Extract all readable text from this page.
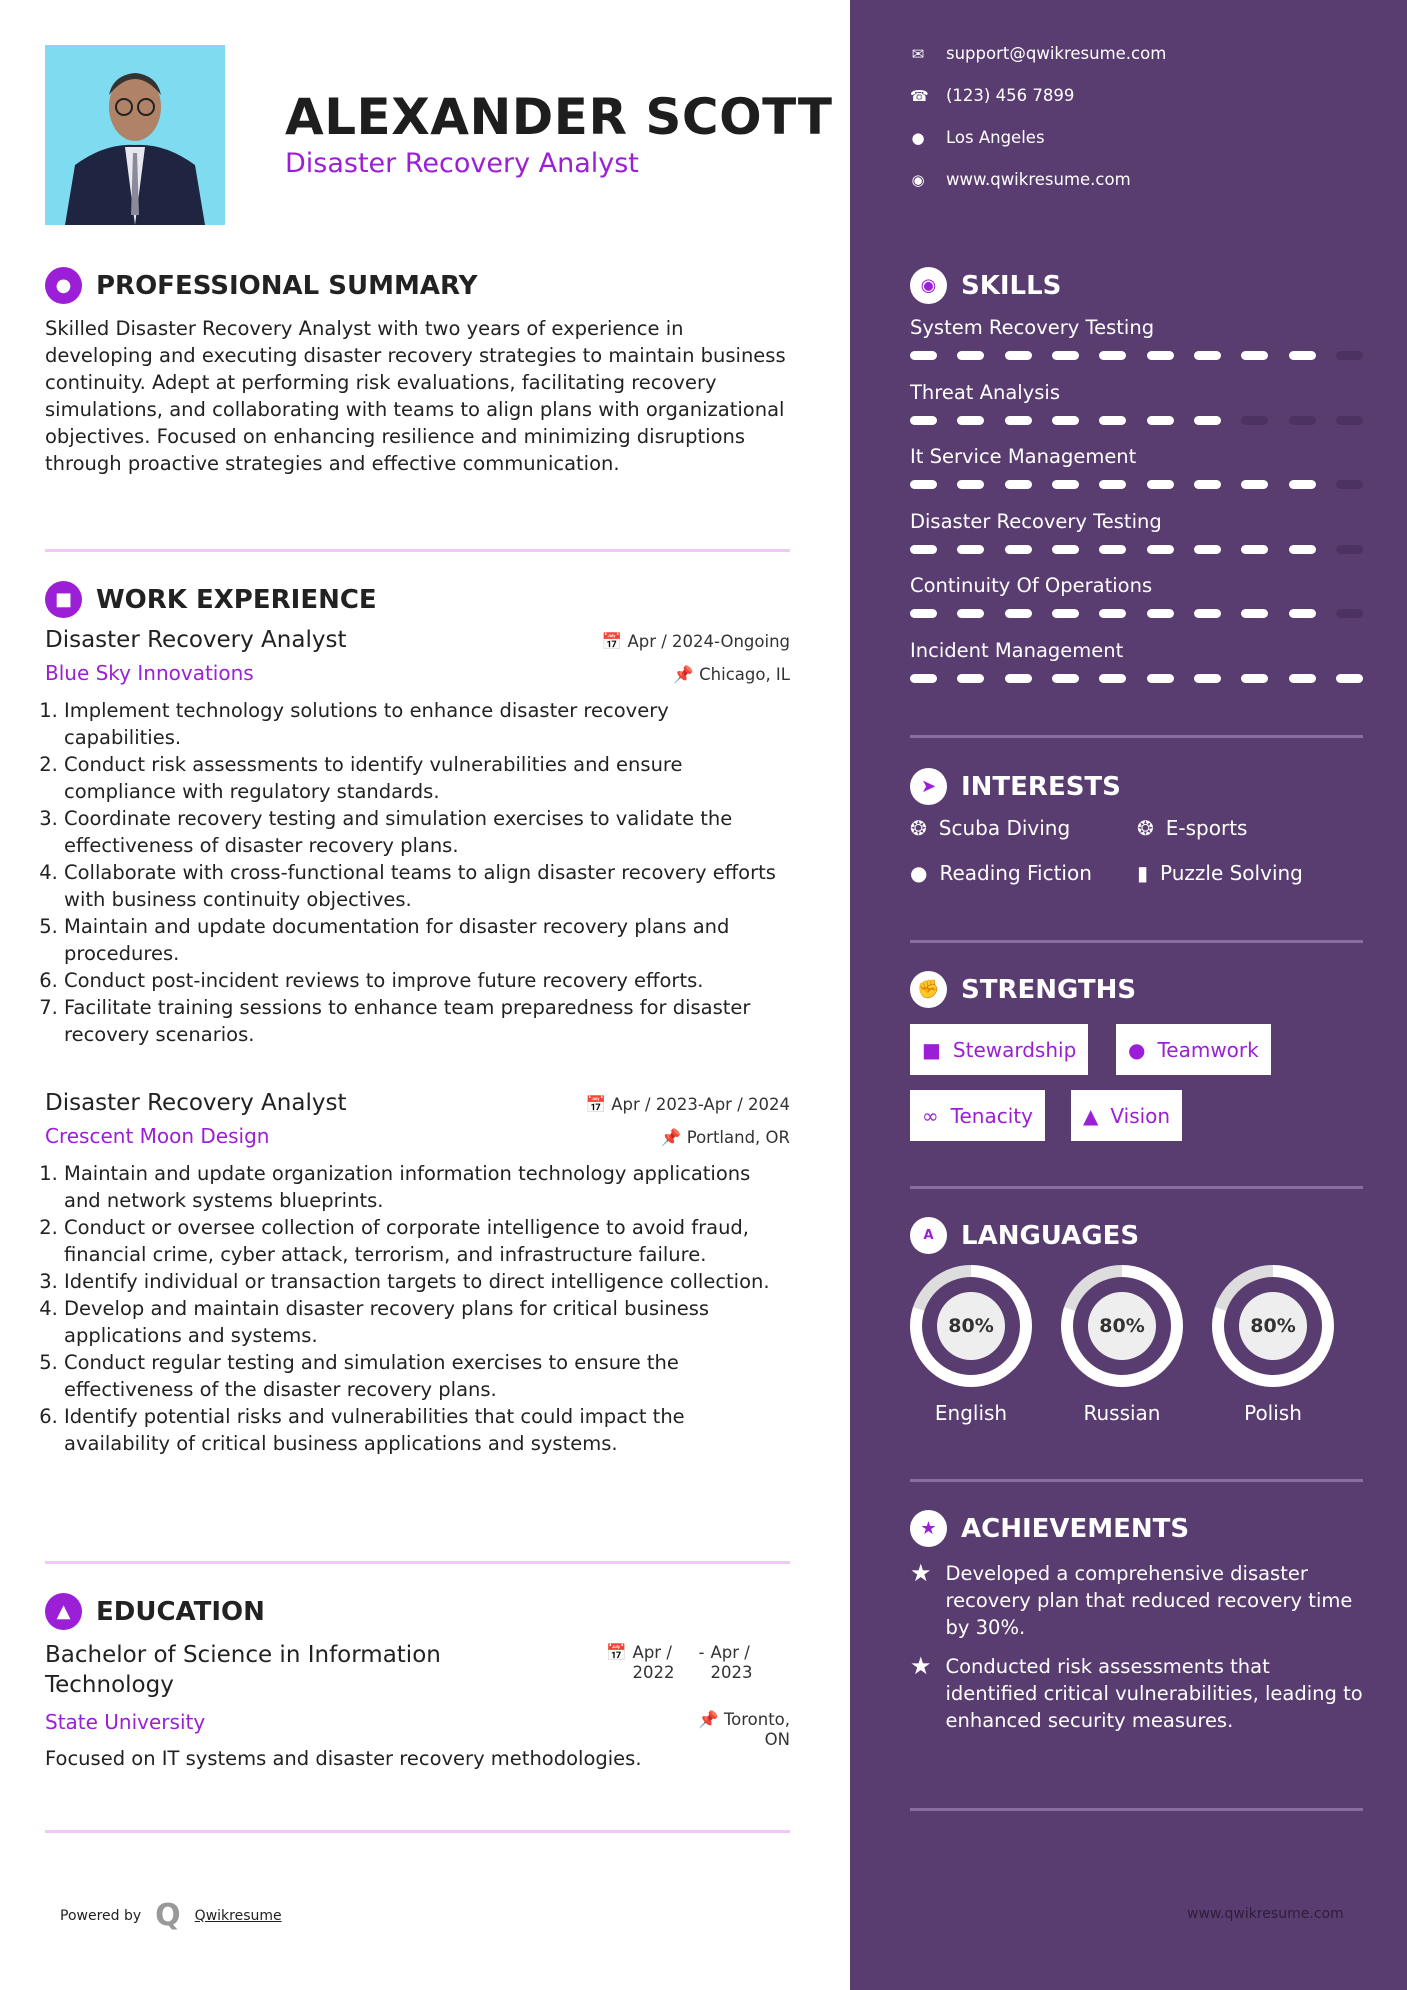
ALEXANDER SCOTT
Disaster Recovery Analyst
● PROFESSIONAL SUMMARY
Skilled Disaster Recovery Analyst with two years of experience in developing and executing disaster recovery strategies to maintain business continuity. Adept at performing risk evaluations, facilitating recovery simulations, and collaborating with teams to align plans with organizational objectives. Focused on enhancing resilience and minimizing disruptions through proactive strategies and effective communication.
■ WORK EXPERIENCE
Disaster Recovery Analyst	📅 Apr / 2024-Ongoing
Blue Sky Innovations	📌 Chicago, IL
1. Implement technology solutions to enhance disaster recovery capabilities.
2. Conduct risk assessments to identify vulnerabilities and ensure compliance with regulatory standards.
3. Coordinate recovery testing and simulation exercises to validate the effectiveness of disaster recovery plans.
4. Collaborate with cross-functional teams to align disaster recovery efforts with business continuity objectives.
5. Maintain and update documentation for disaster recovery plans and procedures.
6. Conduct post-incident reviews to improve future recovery efforts.
7. Facilitate training sessions to enhance team preparedness for disaster recovery scenarios.
Disaster Recovery Analyst	📅 Apr / 2023-Apr / 2024
Crescent Moon Design	📌 Portland, OR
1. Maintain and update organization information technology applications and network systems blueprints.
2. Conduct or oversee collection of corporate intelligence to avoid fraud, financial crime, cyber attack, terrorism, and infrastructure failure.
3. Identify individual or transaction targets to direct intelligence collection.
4. Develop and maintain disaster recovery plans for critical business applications and systems.
5. Conduct regular testing and simulation exercises to ensure the effectiveness of the disaster recovery plans.
6. Identify potential risks and vulnerabilities that could impact the availability of critical business applications and systems.
▲ EDUCATION
Bachelor of Science in Information Technology
📅 Apr / 2022
- Apr / 2023
State University	📌 Toronto, ON
Focused on IT systems and disaster recovery methodologies.
Powered by Q Qwikresume
✉ support@qwikresume.com
☎ (123) 456 7899
● Los Angeles
◉ www.qwikresume.com
◉ SKILLS
System Recovery Testing
Threat Analysis
It Service Management
Disaster Recovery Testing
Continuity Of Operations
Incident Management
➤ INTERESTS
❂ Scuba Diving	❂ E-sports
● Reading Fiction ▮ Puzzle Solving
✊ STRENGTHS
■ Stewardship	● Teamwork
∞ Tenacity	▲ Vision
A	LANGUAGES
80%
English
80%
Russian
80%
Polish
★ ACHIEVEMENTS
★ Developed a comprehensive disaster recovery plan that reduced recovery time by 30%.
★ Conducted risk assessments that identified critical vulnerabilities, leading to enhanced security measures.
www.qwikresume.com
